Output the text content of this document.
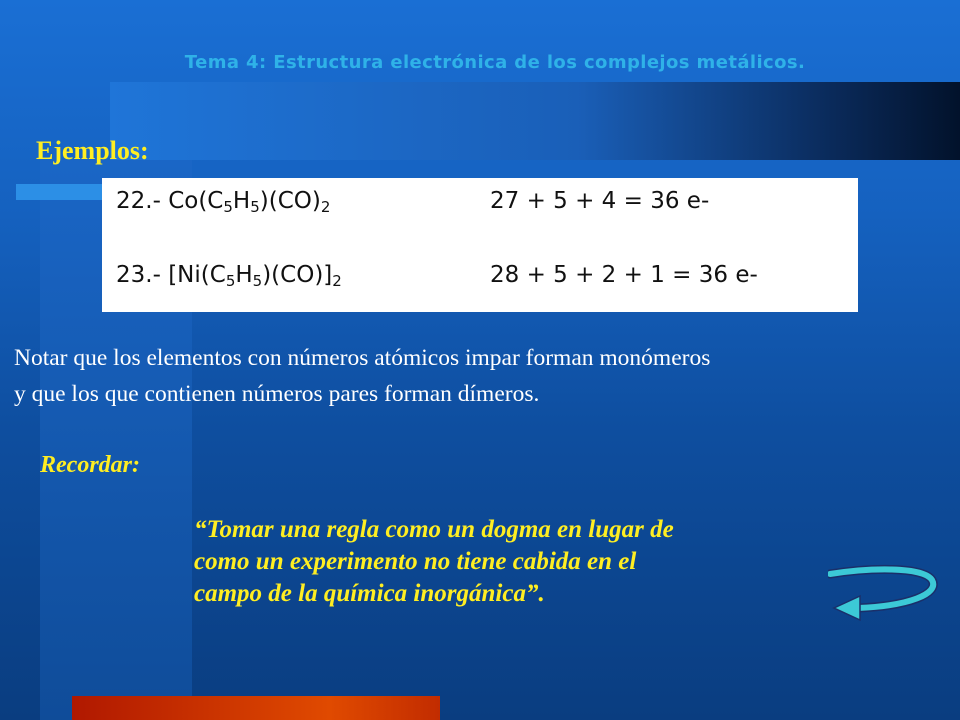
Tema 4: Estructura electrónica de los complejos metálicos.
Ejemplos:
22.- $Co(C_5H_5)(CO)_2$	27 + 5 + 4 = 36 e-
23.- $[Ni(C_5H_5)(CO)]_2$	28 + 5 + 2 + 1 = 36 e-
Notar que los elementos con números atómicos impar forman monómeros
y que los que contienen números pares forman dímeros.
Recordar:
“Tomar una regla como un dogma en lugar de
como un experimento no tiene cabida en el
campo de la química inorgánica”.
